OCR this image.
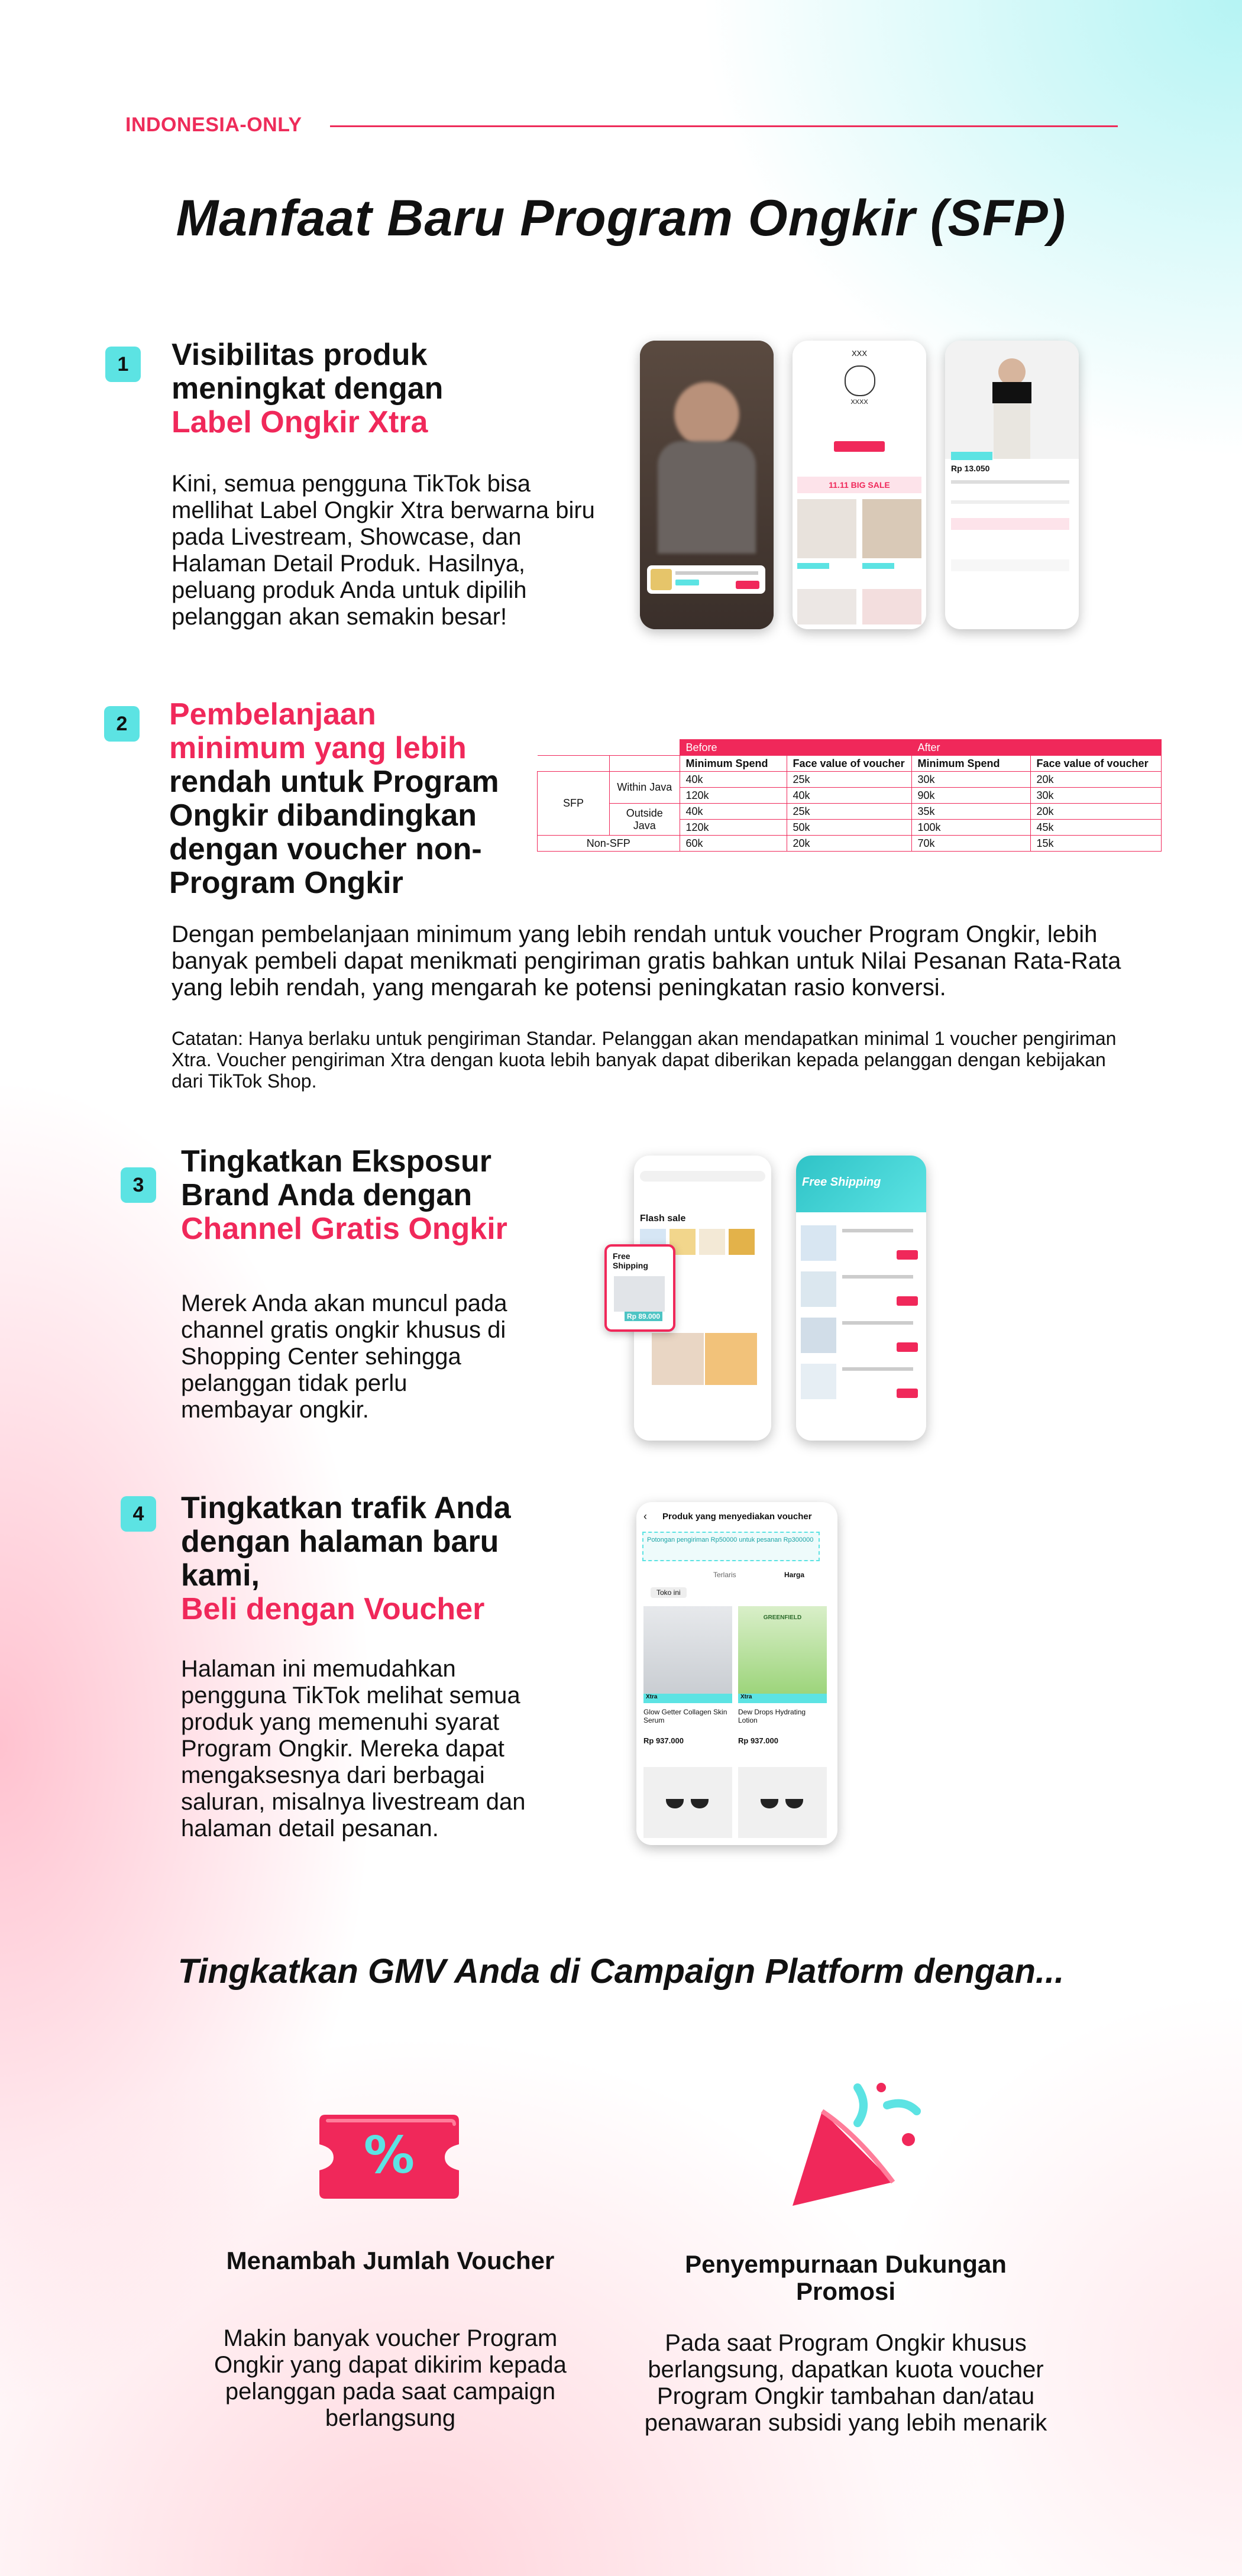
INDONESIA-ONLY
Manfaat Baru Program Ongkir (SFP)
1	Visibilitas produk meningkat dengan
Label Ongkir Xtra
Kini, semua pengguna TikTok bisa mellihat Label Ongkir Xtra berwarna biru pada Livestream, Showcase, dan Halaman Detail Produk. Hasilnya, peluang produk Anda untuk dipilih pelanggan akan semakin besar!
XXX
XXXX
11.11 BIG SALE
Rp 13.050
2	Pembelanjaan minimum yang lebih
rendah untuk Program Ongkir dibandingkan dengan voucher non-Program Ongkir
		Before		After	
		Minimum Spend	Face value of voucher	Minimum Spend	Face value of voucher
SFP	Within Java	40k	25k	30k	20k
		120k	40k	90k	30k
	Outside Java	40k	25k	35k	20k
		120k	50k	100k	45k
Non-SFP		60k	20k	70k	15k
Dengan pembelanjaan minimum yang lebih rendah untuk voucher Program Ongkir, lebih banyak pembeli dapat menikmati pengiriman gratis bahkan untuk Nilai Pesanan Rata-Rata yang lebih rendah, yang mengarah ke potensi peningkatan rasio konversi.
Catatan: Hanya berlaku untuk pengiriman Standar. Pelanggan akan mendapatkan minimal 1 voucher pengiriman Xtra. Voucher pengiriman Xtra dengan kuota lebih banyak dapat diberikan kepada pelanggan dengan kebijakan dari TikTok Shop.
3
Tingkatkan Eksposur Brand Anda dengan
Channel Gratis Ongkir
Merek Anda akan muncul pada channel gratis ongkir khusus di Shopping Center sehingga pelanggan tidak perlu membayar ongkir.
Flash sale
Free Shipping
Rp 89.000
Free Shipping
4	Tingkatkan trafik Anda dengan halaman baru kami,
Beli dengan Voucher
Halaman ini memudahkan pengguna TikTok melihat semua produk yang memenuhi syarat Program Ongkir. Mereka dapat mengaksesnya dari berbagai saluran, misalnya livestream dan halaman detail pesanan.
‹ Produk yang menyediakan voucher
Potongan pengiriman Rp50000 untuk pesanan Rp300000
Terlaris	Harga
Toko ini
GREENFIELD
Xtra	Xtra
Glow Getter Collagen Skin Serum
Dew Drops Hydrating Lotion
Rp 937.000	Rp 937.000
Tingkatkan GMV Anda di Campaign Platform dengan...
%
Menambah Jumlah Voucher
Makin banyak voucher Program Ongkir yang dapat dikirim kepada pelanggan pada saat campaign berlangsung
Penyempurnaan Dukungan Promosi
Pada saat Program Ongkir khusus berlangsung, dapatkan kuota voucher Program Ongkir tambahan dan/atau penawaran subsidi yang lebih menarik
